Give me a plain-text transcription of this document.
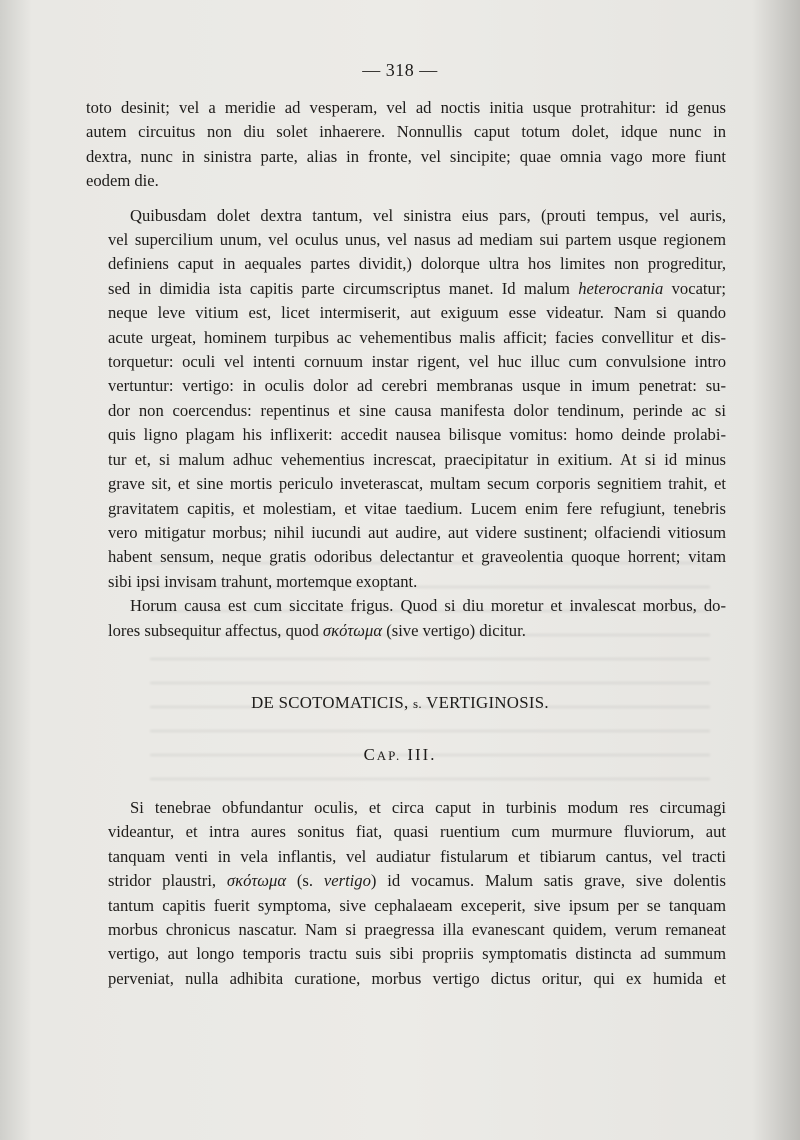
— 318 —

toto desinit; vel a meridie ad vesperam, vel ad noctis initia usque protrahitur: id genus
autem circuitus non diu solet inhaerere. Nonnullis caput totum dolet, idque nunc in
dextra, nunc in sinistra parte, alias in fronte, vel sincipite; quae omnia vago more fiunt
eodem die.

Quibusdam dolet dextra tantum, vel sinistra eius pars, (prouti tempus, vel auris,
vel supercilium unum, vel oculus unus, vel nasus ad mediam sui partem usque regionem
definiens caput in aequales partes dividit,) dolorque ultra hos limites non progreditur,
sed in dimidia ista capitis parte circumscriptus manet. Id malum heterocrania vocatur;
neque leve vitium est, licet intermiserit, aut exiguum esse videatur. Nam si quando
acute urgeat, hominem turpibus ac vehementibus malis afficit; facies convellitur et dis-
torquetur: oculi vel intenti cornuum instar rigent, vel huc illuc cum convulsione intro
vertuntur: vertigo: in oculis dolor ad cerebri membranas usque in imum penetrat: su-
dor non coercendus: repentinus et sine causa manifesta dolor tendinum, perinde ac si
quis ligno plagam his inflixerit: accedit nausea bilisque vomitus: homo deinde prolabi-
tur et, si malum adhuc vehementius increscat, praecipitatur in exitium. At si id minus
grave sit, et sine mortis periculo inveterascat, multam secum corporis segnitiem trahit, et
gravitatem capitis, et molestiam, et vitae taedium. Lucem enim fere refugiunt, tenebris
vero mitigatur morbus; nihil iucundi aut audire, aut videre sustinent; olfaciendi vitiosum
habent sensum, neque gratis odoribus delectantur et graveolentia quoque horrent; vitam
sibi ipsi invisam trahunt, mortemque exoptant.

Horum causa est cum siccitate frigus. Quod si diu moretur et invalescat morbus, do-
lores subsequitur affectus, quod σκότωμα (sive vertigo) dicitur.

DE SCOTOMATICIS, s. VERTIGINOSIS.
CAP. III.

Si tenebrae obfundantur oculis, et circa caput in turbinis modum res circumagi
videantur, et intra aures sonitus fiat, quasi ruentium cum murmure fluviorum, aut
tanquam venti in vela inflantis, vel audiatur fistularum et tibiarum cantus, vel tracti
stridor plaustri, σκότωμα (s. vertigo) id vocamus. Malum satis grave, sive dolentis
tantum capitis fuerit symptoma, sive cephalaeam exceperit, sive ipsum per se tanquam
morbus chronicus nascatur. Nam si praegressa illa evanescant quidem, verum remaneat
vertigo, aut longo temporis tractu suis sibi propriis symptomatis distincta ad summum
perveniat, nulla adhibita curatione, morbus vertigo dictus oritur, qui ex humida et
